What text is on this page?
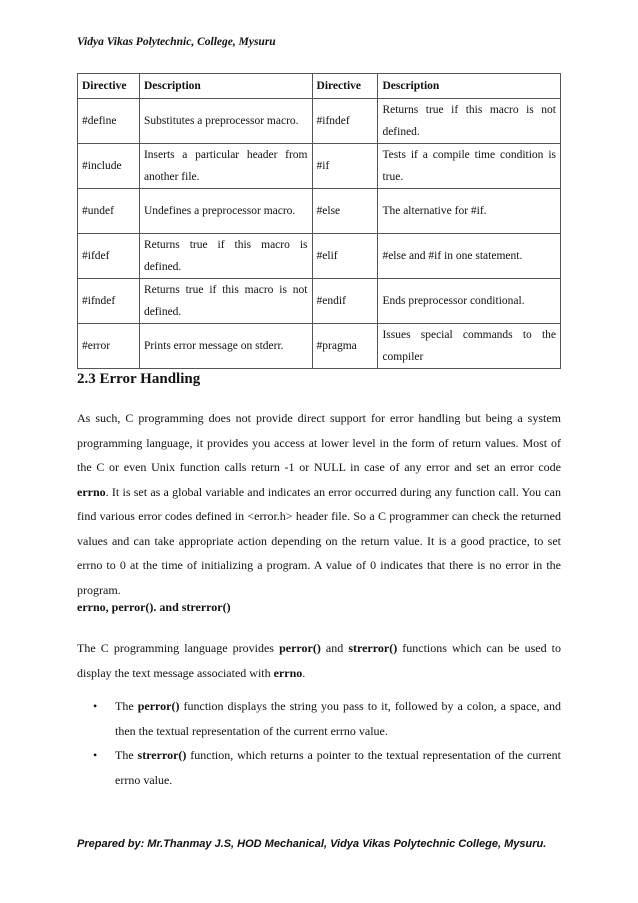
Vidya Vikas Polytechnic, College, Mysuru
Directive	Description	Directive	Description
#define	Substitutes a preprocessor macro.	#ifndef	Returns true if this macro is not defined.
#include	Inserts a particular header from another file.	#if	Tests if a compile time condition is true.
#undef	Undefines a preprocessor macro.	#else	The alternative for #if.
#ifdef	Returns true if this macro is defined.	#elif	#else and #if in one statement.
#ifndef	Returns true if this macro is not defined.	#endif	Ends preprocessor conditional.
#error	Prints error message on stderr.	#pragma	Issues special commands to the compiler
2.3 Error Handling

As such, C programming does not provide direct support for error handling but being a system programming language, it provides you access at lower level in the form of return values. Most of the C or even Unix function calls return -1 or NULL in case of any error and set an error code errno. It is set as a global variable and indicates an error occurred during any function call. You can find various error codes defined in <error.h> header file. So a C programmer can check the returned values and can take appropriate action depending on the return value. It is a good practice, to set errno to 0 at the time of initializing a program. A value of 0 indicates that there is no error in the program.

errno, perror(). and strerror()

The C programming language provides perror() and strerror() functions which can be used to display the text message associated with errno.

• The perror() function displays the string you pass to it, followed by a colon, a space, and then the textual representation of the current errno value.
• The strerror() function, which returns a pointer to the textual representation of the current errno value.
Prepared by: Mr.Thanmay J.S, HOD Mechanical, Vidya Vikas Polytechnic College, Mysuru.
